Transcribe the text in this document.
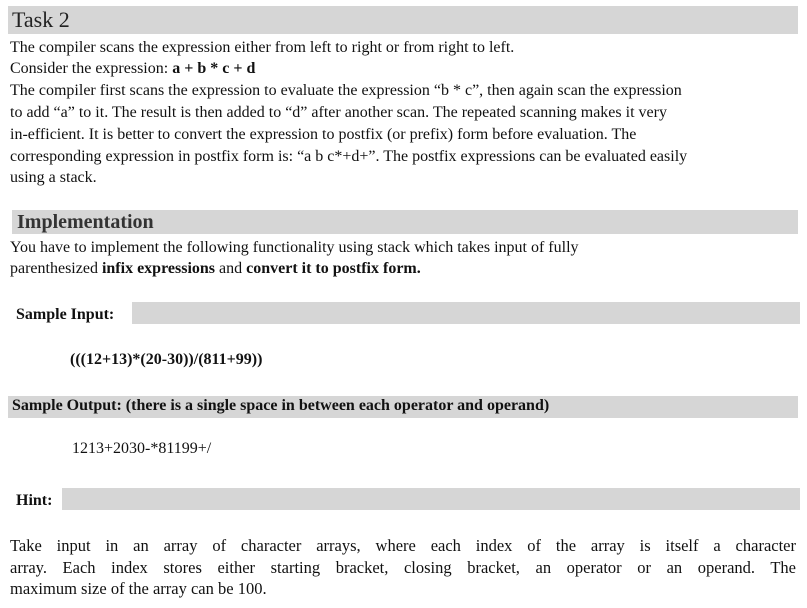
Task 2
The compiler scans the expression either from left to right or from right to left.
Consider the expression: a + b * c + d
The compiler first scans the expression to evaluate the expression “b * c”, then again scan the expression
to add “a” to it. The result is then added to “d” after another scan. The repeated scanning makes it very
in-efficient. It is better to convert the expression to postfix (or prefix) form before evaluation. The
corresponding expression in postfix form is: “a b c*+d+”. The postfix expressions can be evaluated easily
using a stack.
Implementation
You have to implement the following functionality using stack which takes input of fully
parenthesized infix expressions and convert it to postfix form.
Sample Input:
(((12+13)*(20-30))/(811+99))
Sample Output: (there is a single space in between each operator and operand)
1213+2030-*81199+/
Hint:
Take input in an array of character arrays, where each index of the array is itself a character
array. Each index stores either starting bracket, closing bracket, an operator or an operand. The
maximum size of the array can be 100.
